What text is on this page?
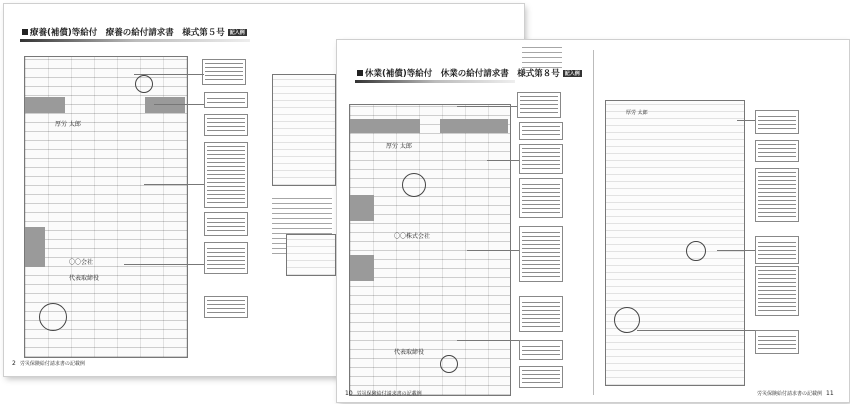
療養(補償)等給付　療養の給付請求書　様式第５号 記入例
厚労 太郎
〇〇会社
代表取締役
2 労災保険給付請求書の記載例
休業(補償)等給付　休業の給付請求書　様式第８号 記入例
厚労 太郎
〇〇株式会社
代表取締役
厚労 太郎
10 労災保険給付請求書の記載例	労災保険給付請求書の記載例 11
